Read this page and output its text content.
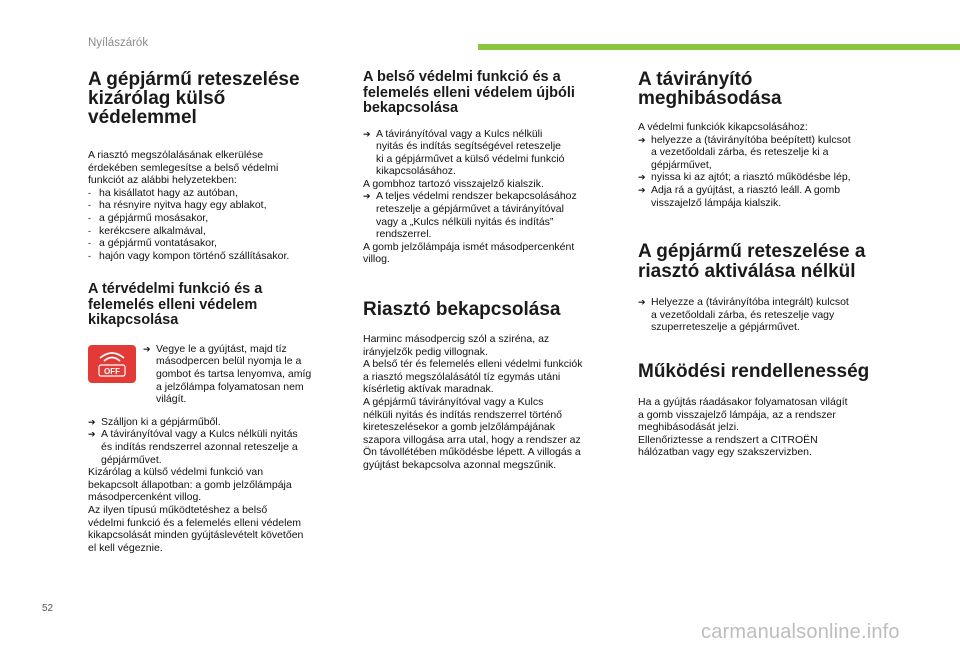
Nyílászárók
A gépjármű reteszelése
kizárólag külső védelemmel

A riasztó megszólalásának elkerülése
érdekében semlegesítse a belső védelmi
funkciót az alábbi helyzetekben:

- ha kisállatot hagy az autóban,

- ha résnyire nyitva hagy egy ablakot,

- a gépjármű mosásakor,

- kerékcsere alkalmával,

- a gépjármű vontatásakor,

- hajón vagy kompon történő szállításakor.

A térvédelmi funkció és a
felemelés elleni védelem
kikapcsolása
OFF

➔ Vegye le a gyújtást, majd tíz
másodpercen belül nyomja le a
gombot és tartsa lenyomva, amíg
a jelzőlámpa folyamatosan nem
világít.

➔ Szálljon ki a gépjárműből.

➔ A távirányítóval vagy a Kulcs nélküli nyitás
és indítás rendszerrel azonnal reteszelje a
gépjárművet.

Kizárólag a külső védelmi funkció van
bekapcsolt állapotban: a gomb jelzőlámpája
másodpercenként villog.
Az ilyen típusú működtetéshez a belső
védelmi funkció és a felemelés elleni védelem
kikapcsolását minden gyújtáslevételt követően
el kell végeznie.

A belső védelmi funkció és a
felemelés elleni védelem újbóli
bekapcsolása

➔ A távirányítóval vagy a Kulcs nélküli
nyitás és indítás segítségével reteszelje
ki a gépjárművet a külső védelmi funkció
kikapcsolásához.

A gombhoz tartozó visszajelző kialszik.

➔ A teljes védelmi rendszer bekapcsolásához
reteszelje a gépjárművet a távirányítóval
vagy a „Kulcs nélküli nyitás és indítás”
rendszerrel.

A gomb jelzőlámpája ismét másodpercenként
villog.

Riasztó bekapcsolása

Harminc másodpercig szól a sziréna, az
irányjelzők pedig villognak.
A belső tér és felemelés elleni védelmi funkciók
a riasztó megszólalásától tíz egymás utáni
kísérletig aktívak maradnak.
A gépjármű távirányítóval vagy a Kulcs
nélküli nyitás és indítás rendszerrel történő
kireteszelésekor a gomb jelzőlámpájának
szapora villogása arra utal, hogy a rendszer az
Ön távollétében működésbe lépett. A villogás a
gyújtást bekapcsolva azonnal megszűnik.

A távirányító meghibásodása

A védelmi funkciók kikapcsolásához:

➔ helyezze a (távirányítóba beépített) kulcsot
a vezetőoldali zárba, és reteszelje ki a
gépjárművet,

➔ nyissa ki az ajtót; a riasztó működésbe lép,

➔ Adja rá a gyújtást, a riasztó leáll. A gomb
visszajelző lámpája kialszik.

A gépjármű reteszelése a
riasztó aktiválása nélkül

➔ Helyezze a (távirányítóba integrált) kulcsot
a vezetőoldali zárba, és reteszelje vagy
szuperreteszelje a gépjárművet.

Működési rendellenesség

Ha a gyújtás ráadásakor folyamatosan világít
a gomb visszajelző lámpája, az a rendszer
meghibásodását jelzi.
Ellenőriztesse a rendszert a CITROËN
hálózatban vagy egy szakszervizben.

52
carmanualsonline.info
